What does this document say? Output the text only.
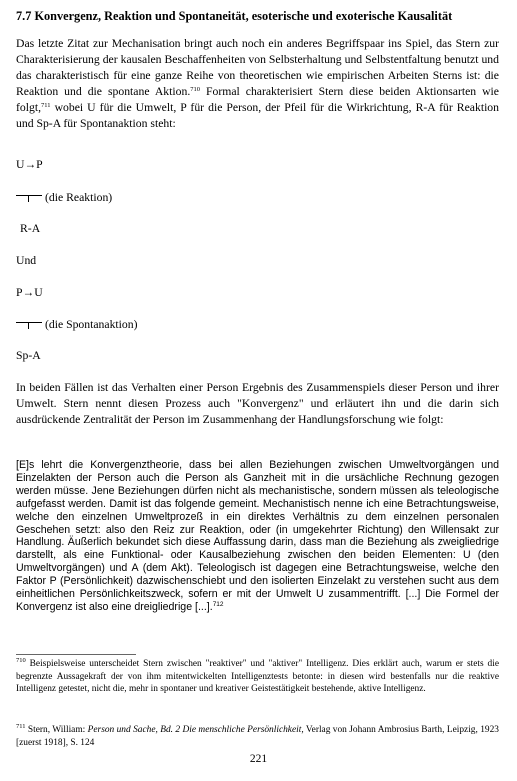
7.7 Konvergenz, Reaktion und Spontaneität, esoterische und exoterische Kausalität

Das letzte Zitat zur Mechanisation bringt auch noch ein anderes Begriffspaar ins Spiel, das Stern zur Charakterisierung der kausalen Beschaffenheiten von Selbsterhaltung und Selbstentfaltung benutzt und das charakteristisch für eine ganze Reihe von theoretischen wie empirischen Arbeiten Sterns ist: die Reaktion und die spontane Aktion.$^{710}$ Formal charakterisiert Stern diese beiden Aktionsarten wie folgt,$^{711}$ wobei U für die Umwelt, P für die Person, der Pfeil für die Wirkrichtung, R-A für Reaktion und Sp-A für Spontanaktion steht:

U→P
(die Reaktion)
R-A
Und
P→U
(die Spontanaktion)
Sp-A

In beiden Fällen ist das Verhalten einer Person Ergebnis des Zusammenspiels dieser Person und ihrer Umwelt. Stern nennt diesen Prozess auch "Konvergenz" und erläutert ihn und die darin sich ausdrückende Zentralität der Person im Zusammenhang der Handlungsforschung wie folgt:

[E]s lehrt die Konvergenztheorie, dass bei allen Beziehungen zwischen Umweltvorgängen und Einzelakten der Person auch die Person als Ganzheit mit in die ursächliche Rechnung gezogen werden müsse. Jene Beziehungen dürfen nicht als mechanistische, sondern müssen als teleologische aufgefasst werden. Damit ist das folgende gemeint. Mechanistisch nenne ich eine Betrachtungsweise, welche den einzelnen Umweltprozeß in ein direktes Verhältnis zu dem einzelnen personalen Geschehen setzt: also den Reiz zur Reaktion, oder (in umgekehrter Richtung) den Willensakt zur Handlung. Äußerlich bekundet sich diese Auffassung darin, dass man die Beziehung als zweigliedrige darstellt, als eine Funktional- oder Kausalbeziehung zwischen den beiden Elementen: U (den Umweltvorgängen) und A (dem Akt). Teleologisch ist dagegen eine Betrachtungsweise, welche den Faktor P (Persönlichkeit) dazwischenschiebt und den isolierten Einzelakt zu verstehen sucht aus dem einheitlichen Persönlichkeitszweck, sofern er mit der Umwelt U zusammentrifft. [...] Die Formel der Konvergenz ist also eine dreigliedrige [...].$^{712}$

$^{710}$ Beispielsweise unterscheidet Stern zwischen "reaktiver" und "aktiver" Intelligenz. Dies erklärt auch, warum er stets die begrenzte Aussagekraft der von ihm mitentwickelten Intelligenztests betonte: in diesen wird bestenfalls nur die reaktive Intelligenz getestet, nicht die, mehr in spontaner und kreativer Geistestätigkeit bestehende, aktive Intelligenz.

$^{711}$ Stern, William: Person und Sache, Bd. 2 Die menschliche Persönlichkeit, Verlag von Johann Ambrosius Barth, Leipzig, 1923 [zuerst 1918], S. 124

221
